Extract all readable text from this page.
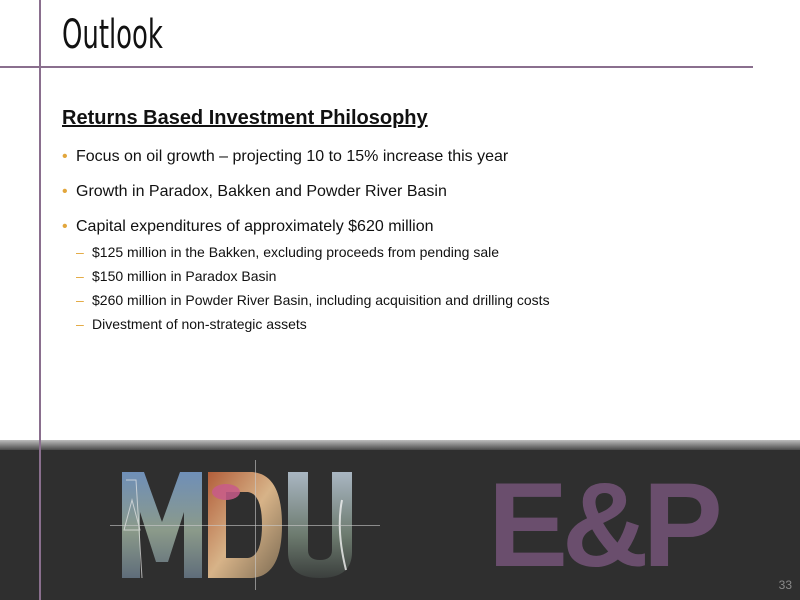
Outlook
Returns Based Investment Philosophy
• Focus on oil growth – projecting 10 to 15% increase this year
• Growth in Paradox, Bakken and Powder River Basin
• Capital expenditures of approximately $620 million
– $125 million in the Bakken, excluding proceeds from pending sale
– $150 million in Paradox Basin
– $260 million in Powder River Basin, including acquisition and drilling costs
– Divestment of non-strategic assets
E&P	33
